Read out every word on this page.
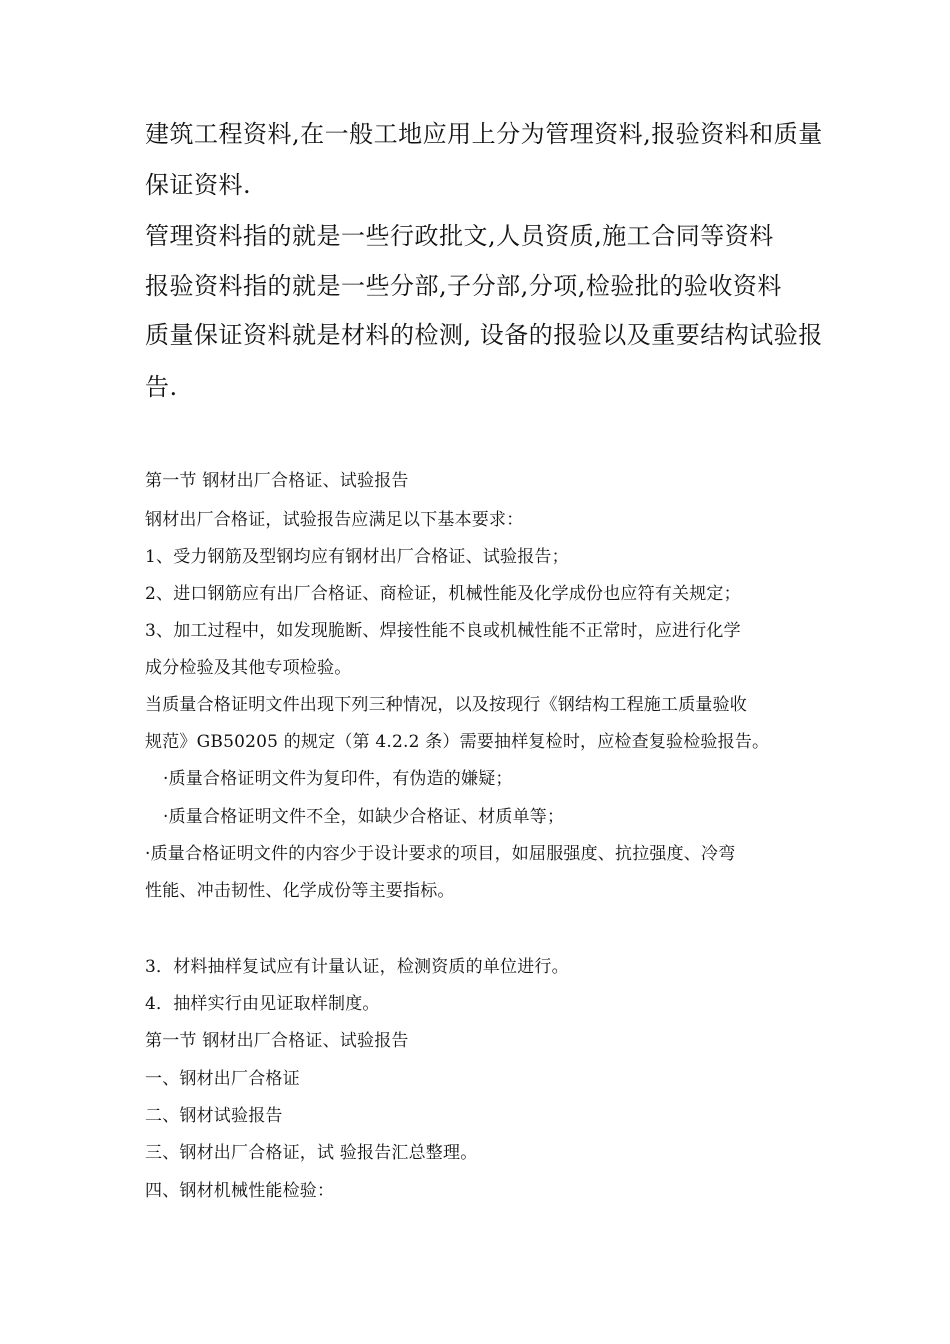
建筑工程资料,在一般工地应用上分为管理资料,报验资料和质量
保证资料.
管理资料指的就是一些行政批文,人员资质,施工合同等资料
报验资料指的就是一些分部,子分部,分项,检验批的验收资料
质量保证资料就是材料的检测, 设备的报验以及重要结构试验报
告.
第一节 钢材出厂合格证、试验报告
钢材出厂合格证，试验报告应满足以下基本要求：
1、受力钢筋及型钢均应有钢材出厂合格证、试验报告；
2、进口钢筋应有出厂合格证、商检证，机械性能及化学成份也应符有关规定；
3、加工过程中，如发现脆断、焊接性能不良或机械性能不正常时，应进行化学
成分检验及其他专项检验。
当质量合格证明文件出现下列三种情况，以及按现行《钢结构工程施工质量验收
规范》GB50205 的规定（第 4.2.2 条）需要抽样复检时，应检查复验检验报告。
·质量合格证明文件为复印件，有伪造的嫌疑；
·质量合格证明文件不全，如缺少合格证、材质单等；
·质量合格证明文件的内容少于设计要求的项目，如屈服强度、抗拉强度、冷弯
性能、冲击韧性、化学成份等主要指标。
3．材料抽样复试应有计量认证，检测资质的单位进行。
4．抽样实行由见证取样制度。
第一节 钢材出厂合格证、试验报告
一、钢材出厂合格证
二、钢材试验报告
三、钢材出厂合格证，试 验报告汇总整理。
四、钢材机械性能检验：
